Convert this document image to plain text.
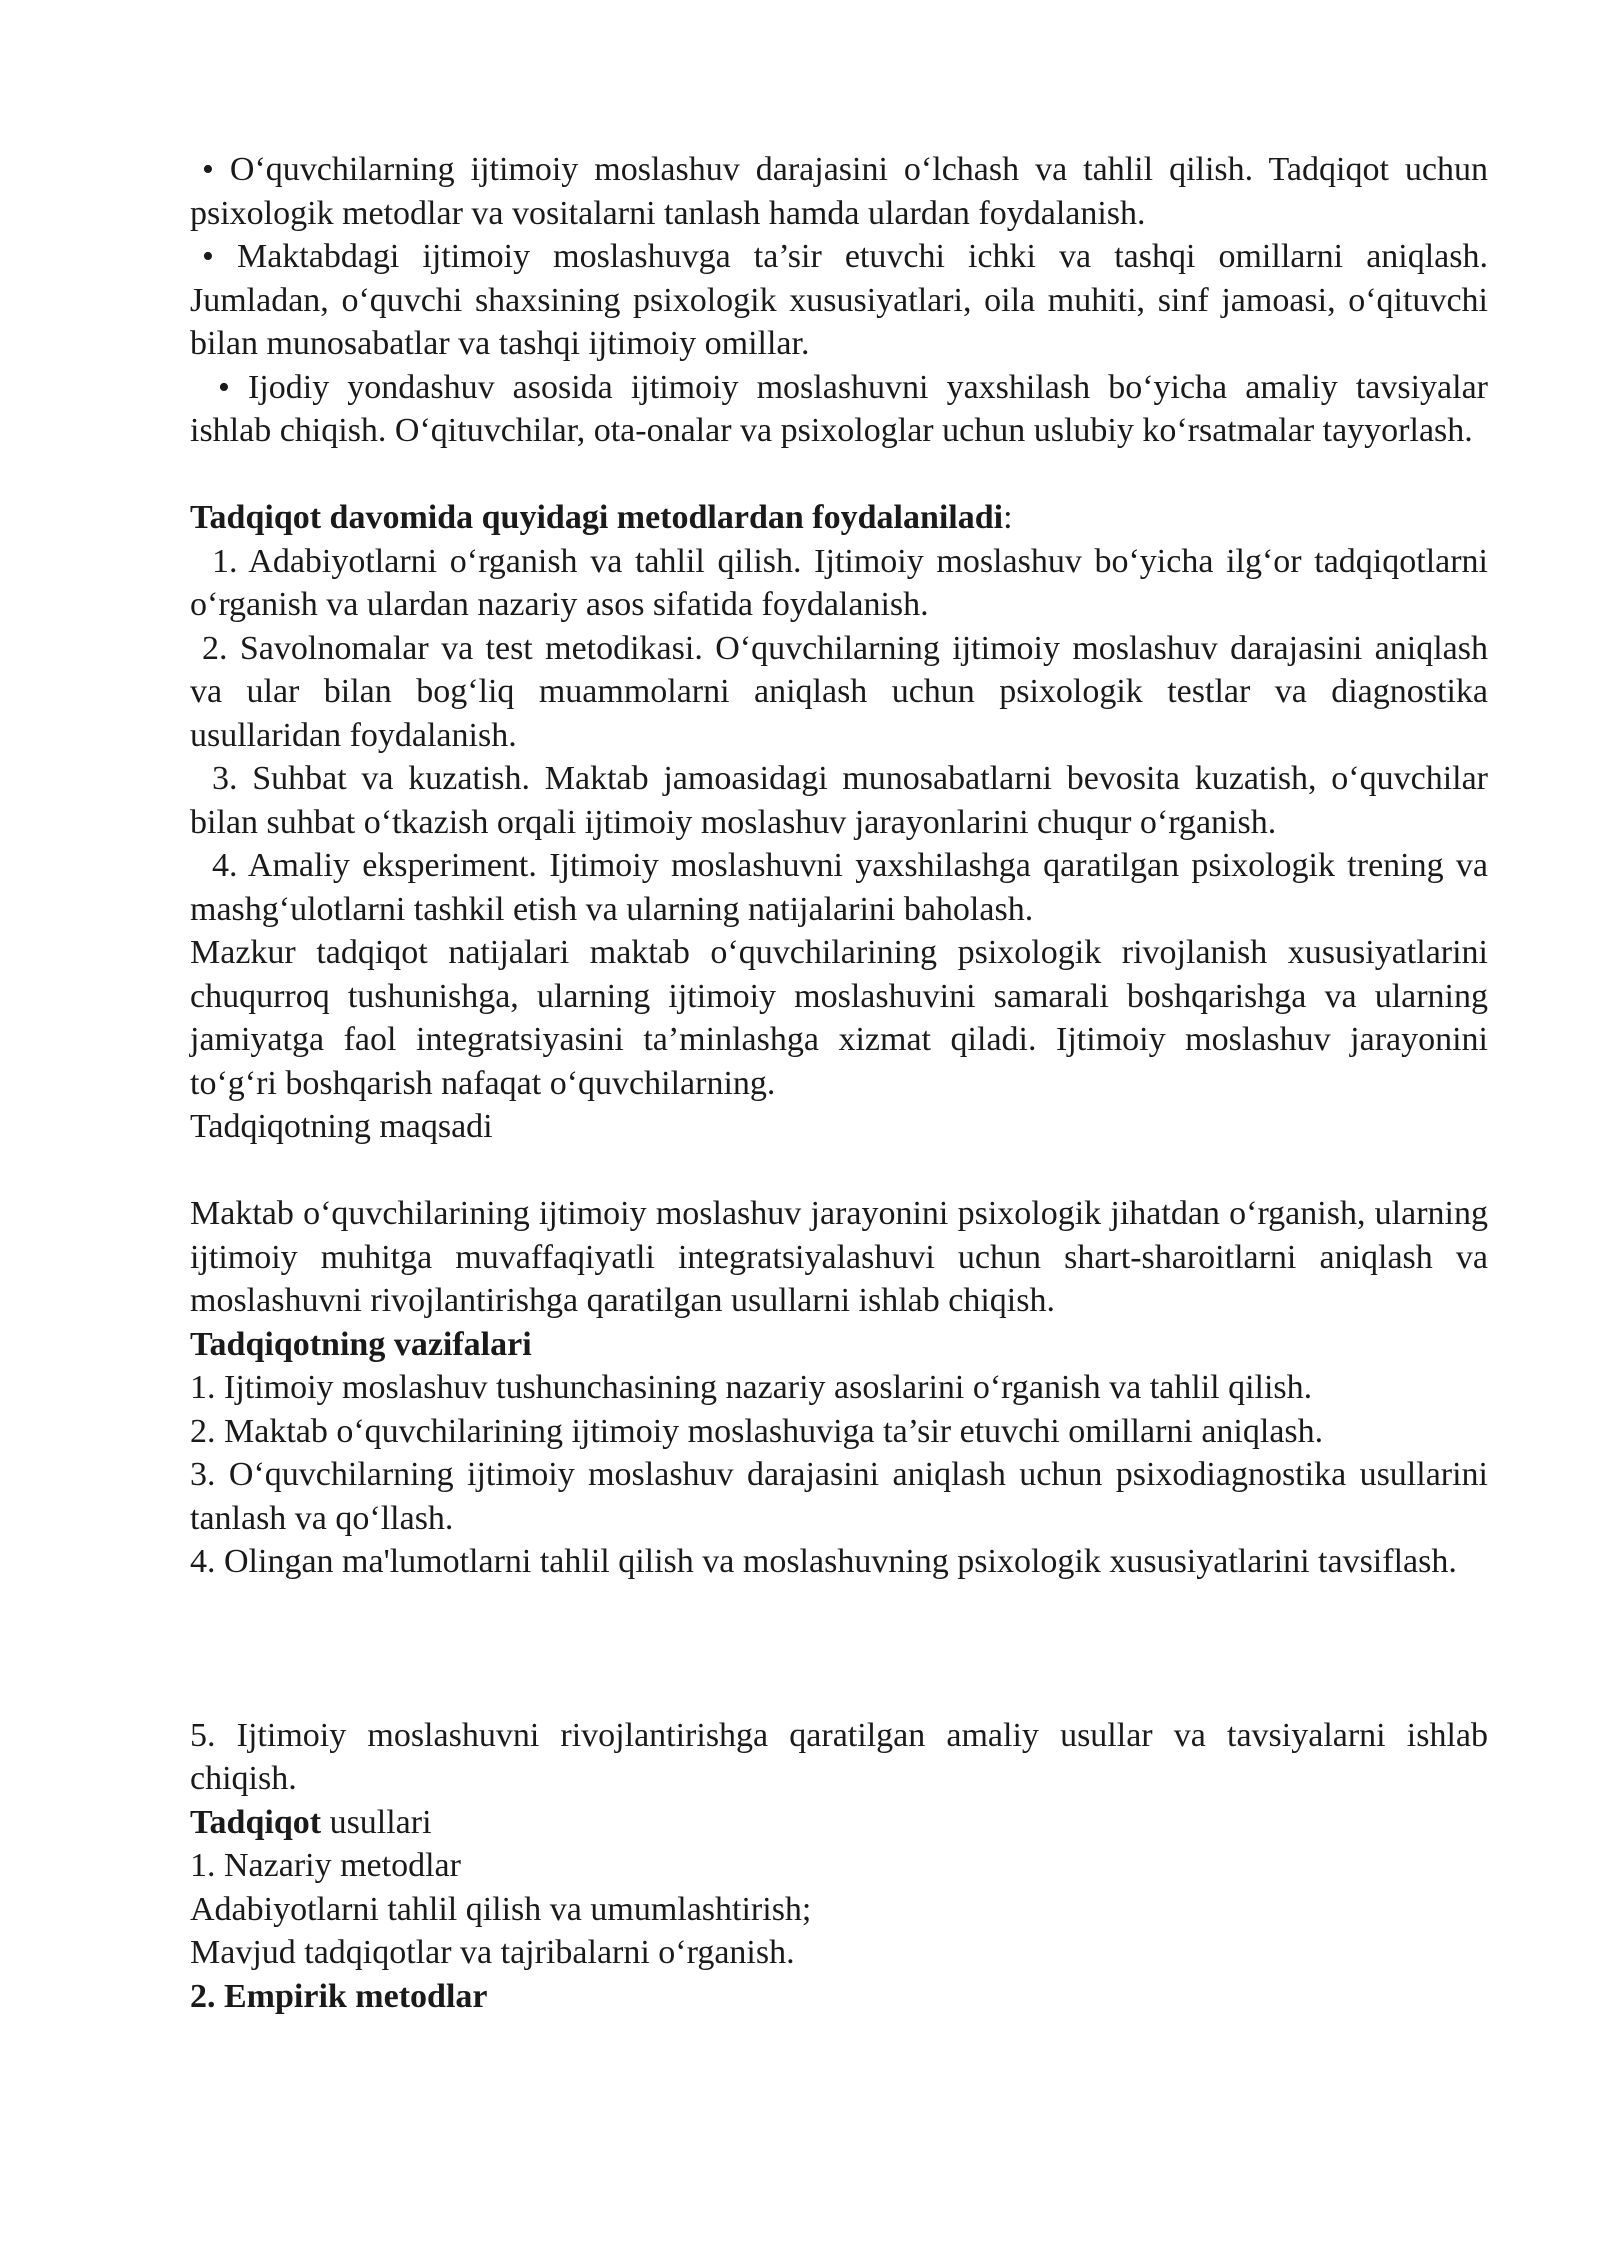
• O‘quvchilarning ijtimoiy moslashuv darajasini o‘lchash va tahlil qilish. Tadqiqot uchun psixologik metodlar va vositalarni tanlash hamda ulardan foydalanish.

• Maktabdagi ijtimoiy moslashuvga ta’sir etuvchi ichki va tashqi omillarni aniqlash. Jumladan, o‘quvchi shaxsining psixologik xususiyatlari, oila muhiti, sinf jamoasi, o‘qituvchi bilan munosabatlar va tashqi ijtimoiy omillar.

• Ijodiy yondashuv asosida ijtimoiy moslashuvni yaxshilash bo‘yicha amaliy tavsiyalar ishlab chiqish. O‘qituvchilar, ota-onalar va psixologlar uchun uslubiy ko‘rsatmalar tayyorlash.

Tadqiqot davomida quyidagi metodlardan foydalaniladi:

1. Adabiyotlarni o‘rganish va tahlil qilish. Ijtimoiy moslashuv bo‘yicha ilg‘or tadqiqotlarni o‘rganish va ulardan nazariy asos sifatida foydalanish.

2. Savolnomalar va test metodikasi. O‘quvchilarning ijtimoiy moslashuv darajasini aniqlash va ular bilan bog‘liq muammolarni aniqlash uchun psixologik testlar va diagnostika usullaridan foydalanish.

3. Suhbat va kuzatish. Maktab jamoasidagi munosabatlarni bevosita kuzatish, o‘quvchilar bilan suhbat o‘tkazish orqali ijtimoiy moslashuv jarayonlarini chuqur o‘rganish.

4. Amaliy eksperiment. Ijtimoiy moslashuvni yaxshilashga qaratilgan psixologik trening va mashg‘ulotlarni tashkil etish va ularning natijalarini baholash.

Mazkur tadqiqot natijalari maktab o‘quvchilarining psixologik rivojlanish xususiyatlarini chuqurroq tushunishga, ularning ijtimoiy moslashuvini samarali boshqarishga va ularning jamiyatga faol integratsiyasini ta’minlashga xizmat qiladi. Ijtimoiy moslashuv jarayonini to‘g‘ri boshqarish nafaqat o‘quvchilarning.

Tadqiqotning maqsadi

Maktab o‘quvchilarining ijtimoiy moslashuv jarayonini psixologik jihatdan o‘rganish, ularning ijtimoiy muhitga muvaffaqiyatli integratsiyalashuvi uchun shart-sharoitlarni aniqlash va moslashuvni rivojlantirishga qaratilgan usullarni ishlab chiqish.

Tadqiqotning vazifalari

1. Ijtimoiy moslashuv tushunchasining nazariy asoslarini o‘rganish va tahlil qilish.

2. Maktab o‘quvchilarining ijtimoiy moslashuviga ta’sir etuvchi omillarni aniqlash.

3. O‘quvchilarning ijtimoiy moslashuv darajasini aniqlash uchun psixodiagnostika usullarini tanlash va qo‘llash.

4. Olingan ma'lumotlarni tahlil qilish va moslashuvning psixologik xususiyatlarini tavsiflash.

5. Ijtimoiy moslashuvni rivojlantirishga qaratilgan amaliy usullar va tavsiyalarni ishlab chiqish.

Tadqiqot usullari

1. Nazariy metodlar

Adabiyotlarni tahlil qilish va umumlashtirish;

Mavjud tadqiqotlar va tajribalarni o‘rganish.

2. Empirik metodlar
